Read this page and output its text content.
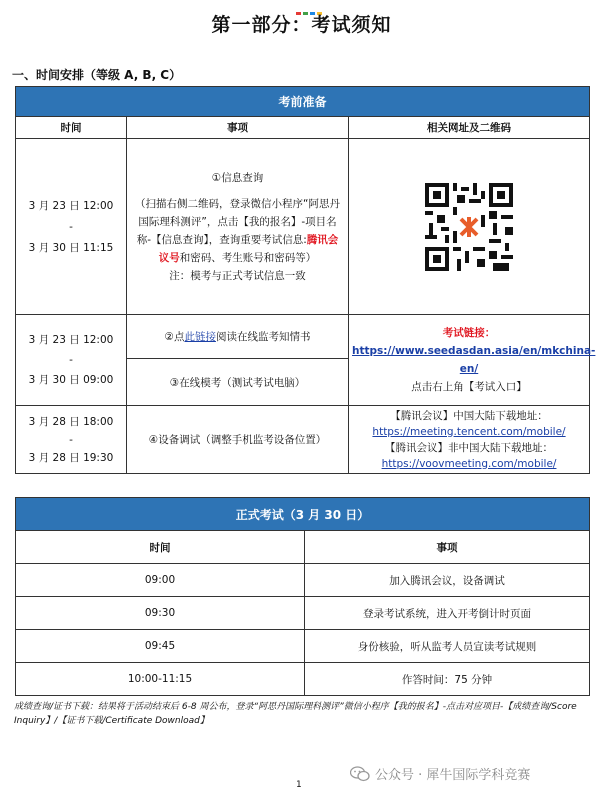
第一部分：考试须知
一、时间安排（等级 A, B, C）
考前准备		
时间	事项	相关网址及二维码

3 月 23 日 12:00
-
3 月 30 日 11:15	①信息查询
（扫描右侧二维码，登录微信小程序“阿思丹国际理科测评”，点击【我的报名】-项目名称-【信息查询】，查询重要考试信息:腾讯会议号和密码、考生账号和密码等）
注：模考与正式考试信息一致

3 月 23 日 12:00
-
3 月 30 日 09:00	②点此链接阅读在线监考知情书	考试链接：
https://www.seedasdan.asia/en/mkchina-en/
点击右上角【考试入口】

	③在线模考（测试考试电脑）	

3 月 28 日 18:00
-
3 月 28 日 19:30	④设备调试（调整手机监考设备位置）	【腾讯会议】中国大陆下载地址：
https://meeting.tencent.com/mobile/
【腾讯会议】非中国大陆下载地址：
https://voovmeeting.com/mobile/
正式考试（3 月 30 日）	
时间	事项
09:00	加入腾讯会议，设备调试
09:30	登录考试系统，进入开考倒计时页面
09:45	身份核验，听从监考人员宣读考试规则
10:00-11:15	作答时间：75 分钟
成绩查询/证书下载：结果将于活动结束后 6-8 周公布，登录“阿思丹国际理科测评”微信小程序【我的报名】-点击对应项目-【成绩查询/Score Inquiry】/【证书下载/Certificate Download】
公众号 · 犀牛国际学科竞赛
1
